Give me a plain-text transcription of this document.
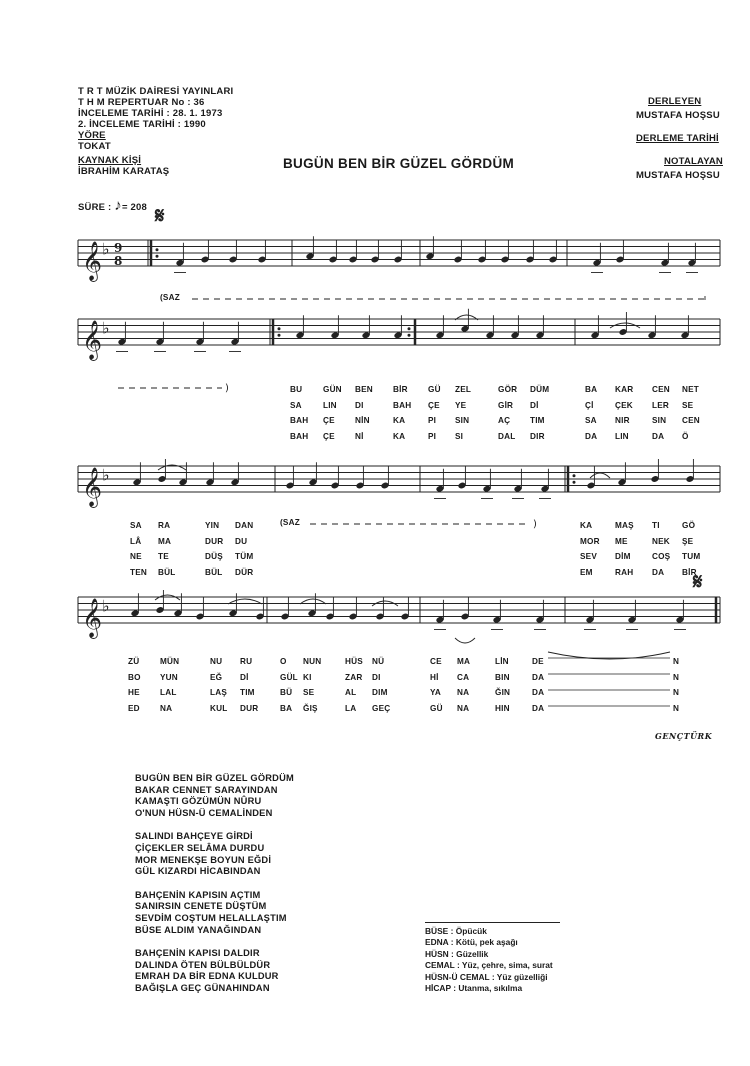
T R T MÜZİK DAİRESİ YAYINLARI
T H M REPERTUAR No : 36
İNCELEME TARİHİ : 28. 1. 1973
2. İNCELEME TARİHİ : 1990
YÖRE
TOKAT
KAYNAK KİŞİ
İBRAHİM KARATAŞ
SÜRE : ♪= 208
BUGÜN BEN BİR GÜZEL GÖRDÜM
DERLEYEN
MUSTAFA HOŞSU
DERLEME TARİHİ
NOTALAYAN
MUSTAFA HOŞSU
𝄞 ♭
𝄞 ♭
𝄞 ♭
𝄞 ♭
9
8
𝄋
𝄋
)
)
(SAZ
(SAZ
BU	GÜN BEN BİR GÜ ZEL	GÖR DÜM	BA KAR CEN NET
SA	LIN DI	BAH ÇE YE	GİR Dİ	Çİ	ÇEK LER SE
BAH ÇE NİN	KA	PI SIN	AÇ TIM	SA NIR	SIN CEN
BAH ÇE Nİ	KA	PI SI	DAL DIR	DA LIN	DA Ö
SA RA	YIN DAN	KA	MAŞ TI	GÖ
LÂ MA	DUR DU	MOR ME	NEK ŞE
NE TE	DÜŞ TÜM	SEV DİM	COŞ TUM
TEN BÜL	BÜL DÜR	EM	RAH DA BİR
ZÜ	MÜN	NU RU	O NUN	HÜS NÜ	CE MA	LİN	DE	N
BO YUN	EĞ Dİ	GÜL KI	ZAR DI	Hİ CA	BIN	DA	N
HE LAL	LAŞ TIM	BÜ SE	AL DIM	YA NA	ĞIN	DA	N
ED NA	KUL DUR	BA ĞIŞ	LA GEÇ	GÜ NA	HIN	DA	N
GENÇTÜRK
BUGÜN BEN BİR GÜZEL GÖRDÜM
BAKAR CENNET SARAYINDAN
KAMAŞTI GÖZÜMÜN NÛRU
O'NUN HÜSN-Ü CEMALİNDEN
SALINDI BAHÇEYE GİRDİ
ÇİÇEKLER SELÂMA DURDU
MOR MENEKŞE BOYUN EĞDİ
GÜL KIZARDI HİCABINDAN
BAHÇENİN KAPISIN AÇTIM
SANIRSIN CENETE DÜŞTÜM
SEVDİM COŞTUM HELALLAŞTIM
BÜSE ALDIM YANAĞINDAN
BAHÇENİN KAPISI DALDIR
DALINDA ÖTEN BÜLBÜLDÜR
EMRAH DA BİR EDNA KULDUR
BAĞIŞLA GEÇ GÜNAHINDAN
BÜSE : Öpücük
EDNA : Kötü, pek aşağı
HÜSN : Güzellik
CEMAL : Yüz, çehre, sima, surat
HÜSN-Ü CEMAL : Yüz güzelliği
HİCAP : Utanma, sıkılma
